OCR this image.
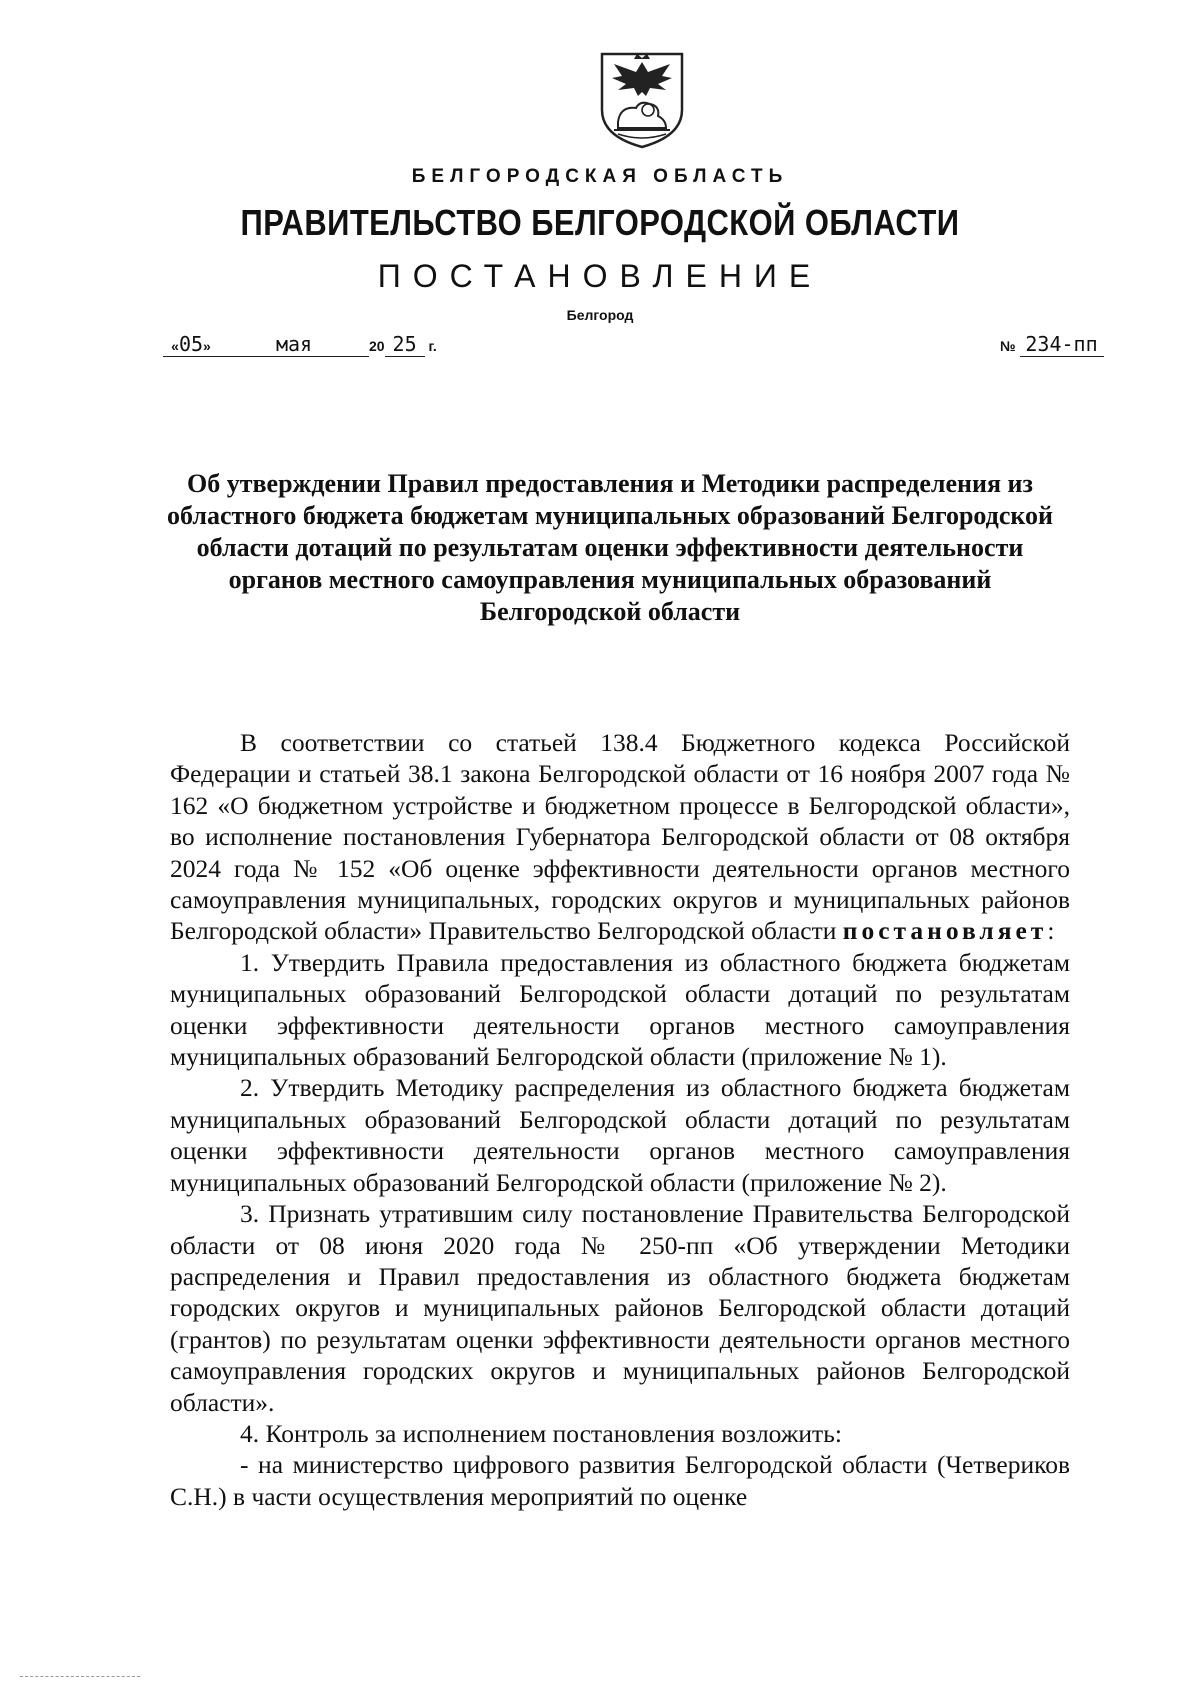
БЕЛГОРОДСКАЯ ОБЛАСТЬ
ПРАВИТЕЛЬСТВО БЕЛГОРОДСКОЙ ОБЛАСТИ
ПОСТАНОВЛЕНИЕ
Белгород
«05»	мая	20 25 г.	№ 234-пп
Об утверждении Правил предоставления и Методики распределения из областного бюджета бюджетам муниципальных образований Белгородской области дотаций по результатам оценки эффективности деятельности органов местного самоуправления муниципальных образований Белгородской области

В соответствии со статьей 138.4 Бюджетного кодекса Российской Федерации и статьей 38.1 закона Белгородской области от 16 ноября 2007 года № 162 «О бюджетном устройстве и бюджетном процессе в Белгородской области», во исполнение постановления Губернатора Белгородской области от 08 октября 2024 года № 152 «Об оценке эффективности деятельности органов местного самоуправления муниципальных, городских округов и муниципальных районов Белгородской области» Правительство Белгородской области постановляет:

1. Утвердить Правила предоставления из областного бюджета бюджетам муниципальных образований Белгородской области дотаций по результатам оценки эффективности деятельности органов местного самоуправления муниципальных образований Белгородской области (приложение № 1).

2. Утвердить Методику распределения из областного бюджета бюджетам муниципальных образований Белгородской области дотаций по результатам оценки эффективности деятельности органов местного самоуправления муниципальных образований Белгородской области (приложение № 2).

3. Признать утратившим силу постановление Правительства Белгородской области от 08 июня 2020 года № 250-пп «Об утверждении Методики распределения и Правил предоставления из областного бюджета бюджетам городских округов и муниципальных районов Белгородской области дотаций (грантов) по результатам оценки эффективности деятельности органов местного самоуправления городских округов и муниципальных районов Белгородской области».

4. Контроль за исполнением постановления возложить:

- на министерство цифрового развития Белгородской области (Четвериков С.Н.) в части осуществления мероприятий по оценке
